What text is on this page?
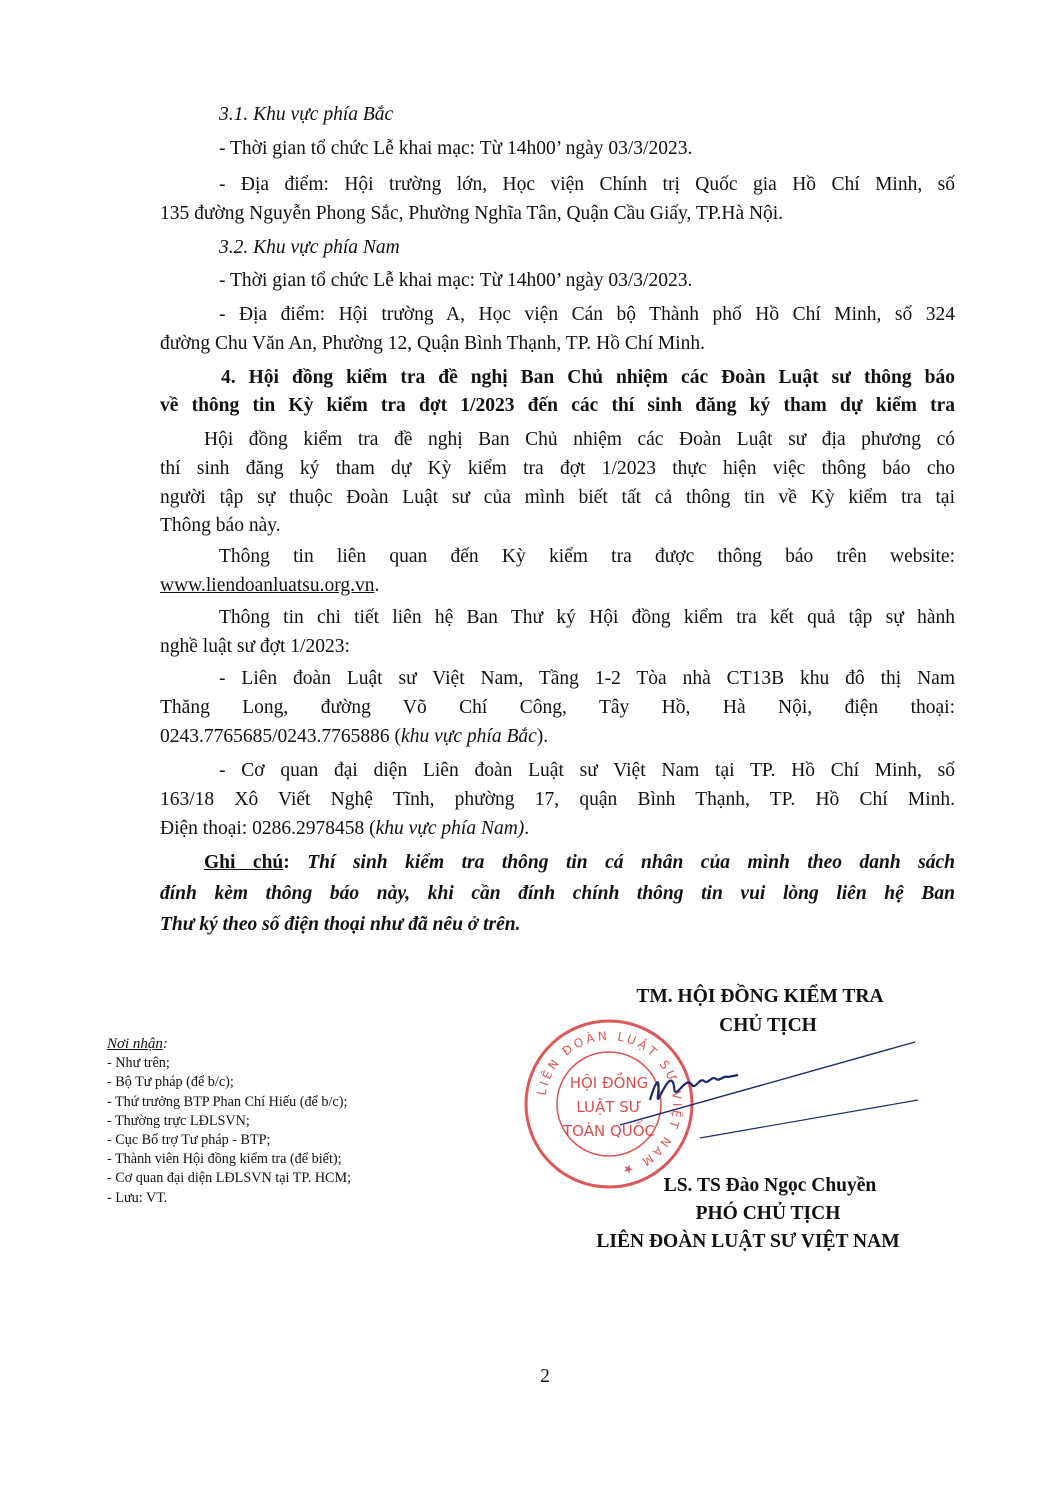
3.1. Khu vực phía Bắc

- Thời gian tổ chức Lễ khai mạc: Từ 14h00’ ngày 03/3/2023.

- Địa điểm: Hội trường lớn, Học viện Chính trị Quốc gia Hồ Chí Minh, số

135 đường Nguyễn Phong Sắc, Phường Nghĩa Tân, Quận Cầu Giấy, TP.Hà Nội.

3.2. Khu vực phía Nam

- Thời gian tổ chức Lễ khai mạc: Từ 14h00’ ngày 03/3/2023.

- Địa điểm: Hội trường A, Học viện Cán bộ Thành phố Hồ Chí Minh, số 324

đường Chu Văn An, Phường 12, Quận Bình Thạnh, TP. Hồ Chí Minh.

4. Hội đồng kiểm tra đề nghị Ban Chủ nhiệm các Đoàn Luật sư thông báo

về thông tin Kỳ kiểm tra đợt 1/2023 đến các thí sinh đăng ký tham dự kiểm tra

Hội đồng kiểm tra đề nghị Ban Chủ nhiệm các Đoàn Luật sư địa phương có

thí sinh đăng ký tham dự Kỳ kiểm tra đợt 1/2023 thực hiện việc thông báo cho

người tập sự thuộc Đoàn Luật sư của mình biết tất cả thông tin về Kỳ kiểm tra tại

Thông báo này.

Thông tin liên quan đến Kỳ kiểm tra được thông báo trên website:

www.liendoanluatsu.org.vn.

Thông tin chi tiết liên hệ Ban Thư ký Hội đồng kiểm tra kết quả tập sự hành

nghề luật sư đợt 1/2023:

- Liên đoàn Luật sư Việt Nam, Tầng 1-2 Tòa nhà CT13B khu đô thị Nam

Thăng Long, đường Võ Chí Công, Tây Hồ, Hà Nội, điện thoại:

0243.7765685/0243.7765886 (khu vực phía Bắc).

- Cơ quan đại diện Liên đoàn Luật sư Việt Nam tại TP. Hồ Chí Minh, số

163/18 Xô Viết Nghệ Tĩnh, phường 17, quận Bình Thạnh, TP. Hồ Chí Minh.

Điện thoại: 0286.2978458 (khu vực phía Nam).

Ghi chú: Thí sinh kiểm tra thông tin cá nhân của mình theo danh sách

đính kèm thông báo này, khi cần đính chính thông tin vui lòng liên hệ Ban

Thư ký theo số điện thoại như đã nêu ở trên.

TM. HỘI ĐỒNG KIỂM TRA
CHỦ TỊCH
Nơi nhận:
- Như trên;
- Bộ Tư pháp (để b/c);
- Thứ trưởng BTP Phan Chí Hiếu (để b/c);
- Thường trực LĐLSVN;
- Cục Bổ trợ Tư pháp - BTP;
- Thành viên Hội đồng kiểm tra (để biết);
- Cơ quan đại diện LĐLSVN tại TP. HCM;
- Lưu: VT.
LIÊN ĐOÀN LUẬT SƯ VIỆT NAM ★
HỘI ĐỒNG
LUẬT SƯ
TOÀN QUỐC
LS. TS Đào Ngọc Chuyền
PHÓ CHỦ TỊCH
LIÊN ĐOÀN LUẬT SƯ VIỆT NAM
2
